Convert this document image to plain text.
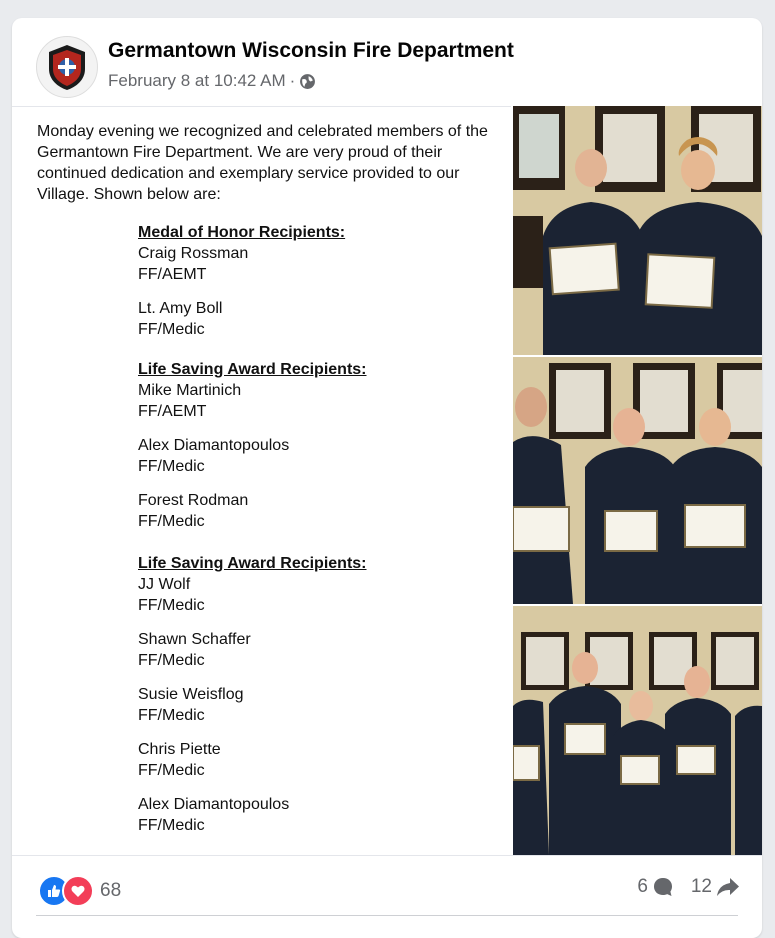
Germantown Wisconsin Fire Department
February 8 at 10:42 AM ·
Monday evening we recognized and celebrated members of the Germantown Fire Department. We are very proud of their continued dedication and exemplary service provided to our Village. Shown below are:
Medal of Honor Recipients:
Craig Rossman
FF/AEMT
Lt. Amy Boll
FF/Medic
Life Saving Award Recipients:
Mike Martinich
FF/AEMT
Alex Diamantopoulos
FF/Medic
Forest Rodman
FF/Medic
Life Saving Award Recipients:
JJ Wolf
FF/Medic
Shawn Schaffer
FF/Medic
Susie Weisflog
FF/Medic
Chris Piette
FF/Medic
Alex Diamantopoulos
FF/Medic
68	6 12
